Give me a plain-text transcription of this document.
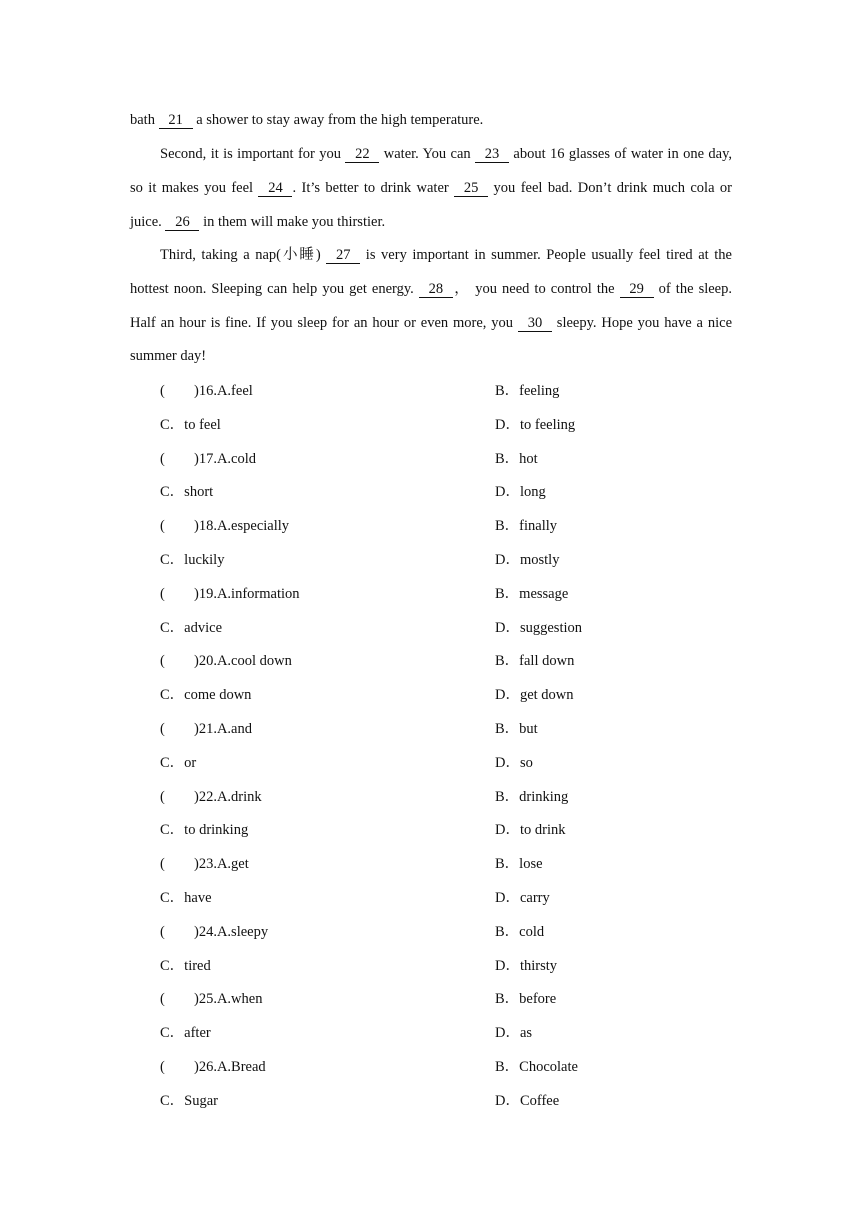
bath 21 a shower to stay away from the high temperature.

Second, it is important for you 22 water. You can 23 about 16 glasses of water in one day, so it makes you feel 24 . It’s better to drink water 25 you feel bad. Don’t drink much cola or juice. 26 in them will make you thirstier.

Third, taking a nap(小睡) 27 is very important in summer. People usually feel tired at the hottest noon. Sleeping can help you get energy. 28 ， you need to control the 29 of the sleep. Half an hour is fine. If you sleep for an hour or even more, you 30 sleepy. Hope you have a nice summer day!

( )16.A.feel	B．feeling
C．to feel	D．to feeling
( )17.A.cold	B．hot
C．short	D．long
( )18.A.especially	B．finally
C．luckily	D．mostly
( )19.A.information	B．message
C．advice	D．suggestion
( )20.A.cool down	B．fall down
C．come down	D．get down
( )21.A.and	B．but
C．or	D．so
( )22.A.drink	B．drinking
C．to drinking	D．to drink
( )23.A.get	B．lose
C．have	D．carry
( )24.A.sleepy	B．cold
C．tired	D．thirsty
( )25.A.when	B．before
C．after	D．as
( )26.A.Bread	B．Chocolate
C．Sugar	D．Coffee
